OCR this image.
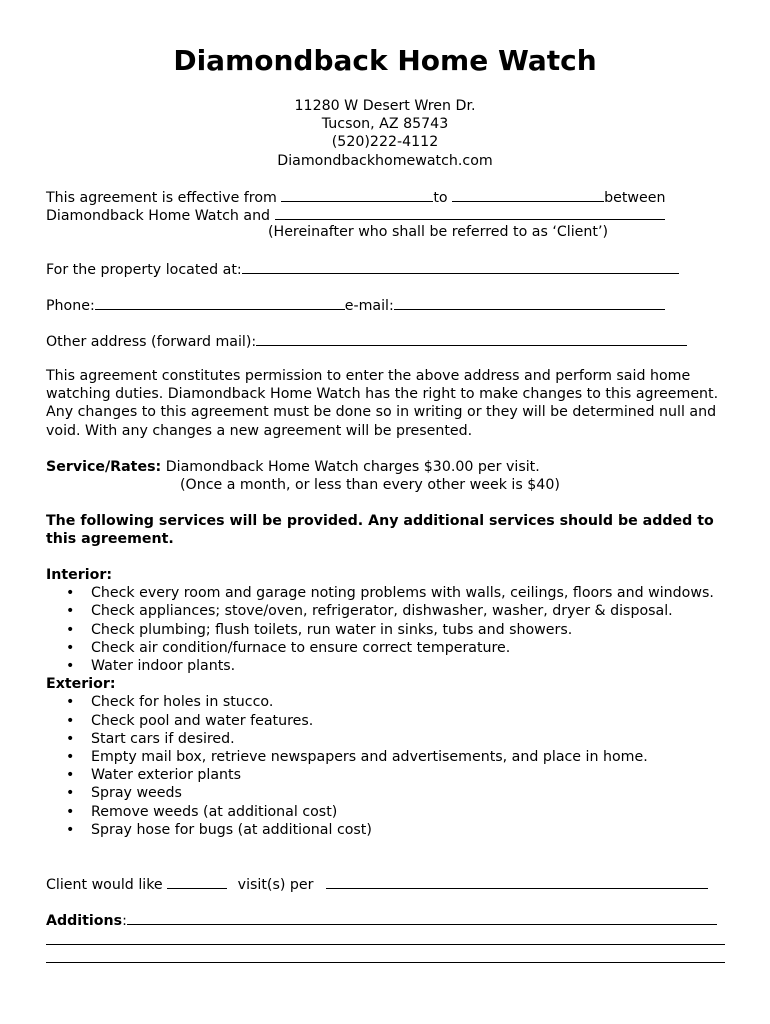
Diamondback Home Watch
11280 W Desert Wren Dr.
Tucson, AZ 85743
(520)222-4112
Diamondbackhomewatch.com
This agreement is effective from	to	between
Diamondback Home Watch and
(Hereinafter who shall be referred to as ‘Client’)
For the property located at:
Phone:	e-mail:
Other address (forward mail):
This agreement constitutes permission to enter the above address and perform said home watching duties. Diamondback Home Watch has the right to make changes to this agreement. Any changes to this agreement must be done so in writing or they will be determined null and void. With any changes a new agreement will be presented.
Service/Rates: Diamondback Home Watch charges $30.00 per visit.
(Once a month, or less than every other week is $40)
The following services will be provided. Any additional services should be added to this agreement.
Interior:
• Check every room and garage noting problems with walls, ceilings, floors and windows.
• Check appliances; stove/oven, refrigerator, dishwasher, washer, dryer & disposal.
• Check plumbing; flush toilets, run water in sinks, tubs and showers.
• Check air condition/furnace to ensure correct temperature.
• Water indoor plants.
Exterior:
• Check for holes in stucco.
• Check pool and water features.
• Start cars if desired.
• Empty mail box, retrieve newspapers and advertisements, and place in home.
• Water exterior plants
• Spray weeds
• Remove weeds (at additional cost)
• Spray hose for bugs (at additional cost)
Client would like	visit(s) per
Additions:
